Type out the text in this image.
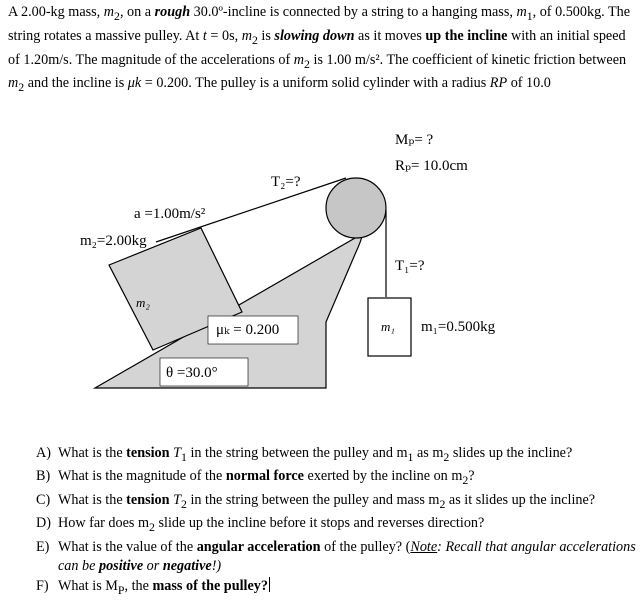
A 2.00-kg mass, $m_2$, on a rough 30.0º-incline is connected by a string to a hanging mass, $m_1$, of 0.500kg. The string rotates a massive pulley. At t = 0s, $m_2$ is slowing down as it moves up the incline with an initial speed of 1.20m/s. The magnitude of the accelerations of $m_2$ is 1.00 m/s². The coefficient of kinetic friction between $m_2$ and the incline is μk = 0.200. The pulley is a uniform solid cylinder with a radius RP of 10.0
Mₚ= ?
Rₚ= 10.0cm
T₂=?
T₁=?
a =1.00m/s²
m₂=2.00kg
m₂
μₖ = 0.200
θ =30.0°
m₁ m₁=0.500kg
A) What is the tension $T_1$ in the string between the pulley and $m_1$ as $m_2$ slides up the incline?
B) What is the magnitude of the normal force exerted by the incline on $m_2$?
C) What is the tension $T_2$ in the string between the pulley and mass $m_2$ as it slides up the incline?
D) How far does $m_2$ slide up the incline before it stops and reverses direction?
E) What is the value of the angular acceleration of the pulley? (Note: Recall that angular accelerations can be positive or negative!)
F) What is $M_P$, the mass of the pulley?
